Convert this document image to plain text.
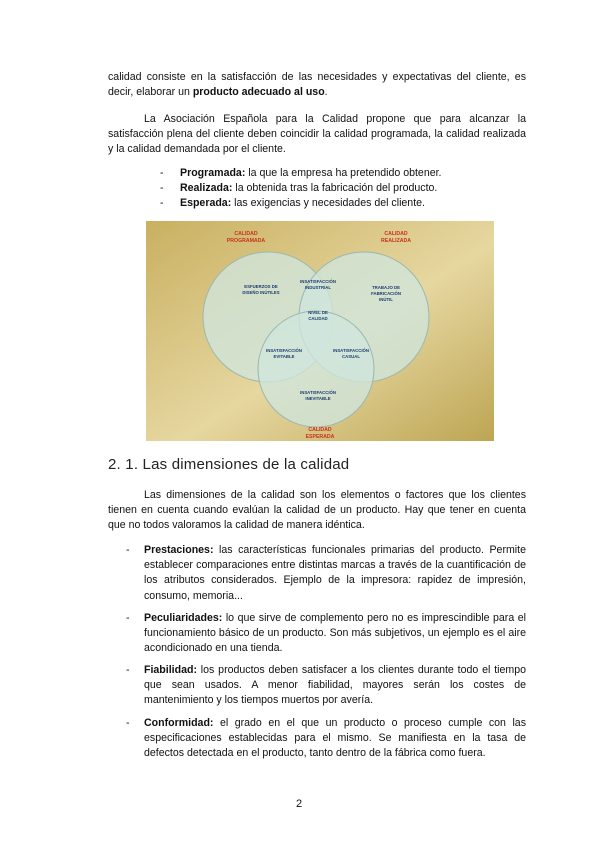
calidad consiste en la satisfacción de las necesidades y expectativas del cliente, es decir, elaborar un producto adecuado al uso.

La Asociación Española para la Calidad propone que para alcanzar la satisfacción plena del cliente deben coincidir la calidad programada, la calidad realizada y la calidad demandada por el cliente.

- Programada: la que la empresa ha pretendido obtener.
- Realizada: la obtenida tras la fabricación del producto.
- Esperada: las exigencias y necesidades del cliente.
CALIDAD
PROGRAMADA
CALIDAD
REALIZADA
CALIDAD
ESPERADA
ESFUERZOS DE
DISEÑO INÚTILES
TRABAJO DE
FABRICACIÓN
INÚTIL
INSATISFACCIÓN
INDUSTRIAL
NIVEL DE
CALIDAD
INSATISFACCIÓN
EVITABLE
INSATISFACCIÓN
CASUAL
INSATISFACCIÓN
INEVITABLE
2. 1. Las dimensiones de la calidad

Las dimensiones de la calidad son los elementos o factores que los clientes tienen en cuenta cuando evalúan la calidad de un producto. Hay que tener en cuenta que no todos valoramos la calidad de manera idéntica.

- Prestaciones: las características funcionales primarias del producto. Permite establecer comparaciones entre distintas marcas a través de la cuantificación de los atributos considerados. Ejemplo de la impresora: rapidez de impresión, consumo, memoria...

- Peculiaridades: lo que sirve de complemento pero no es imprescindible para el funcionamiento básico de un producto. Son más subjetivos, un ejemplo es el aire acondicionado en una tienda.

- Fiabilidad: los productos deben satisfacer a los clientes durante todo el tiempo que sean usados. A menor fiabilidad, mayores serán los costes de mantenimiento y los tiempos muertos por avería.

- Conformidad: el grado en el que un producto o proceso cumple con las especificaciones establecidas para el mismo. Se manifiesta en la tasa de defectos detectada en el producto, tanto dentro de la fábrica como fuera.

2
